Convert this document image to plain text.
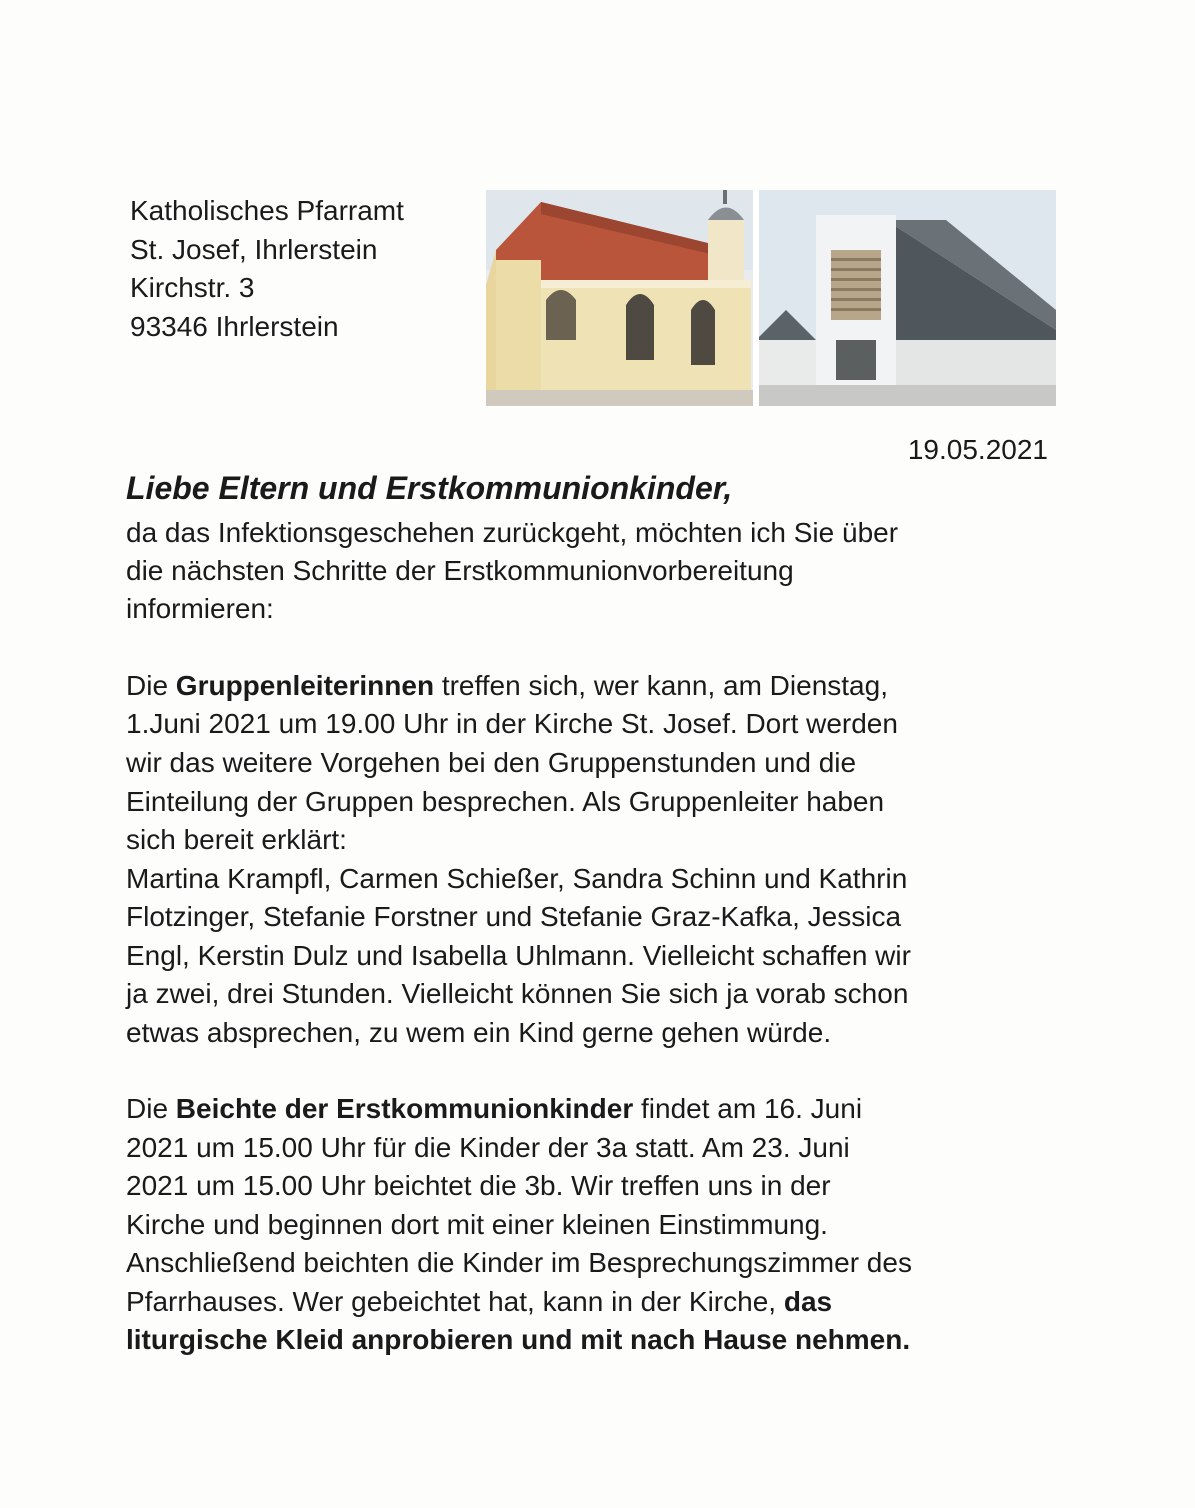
Katholisches Pfarramt
St. Josef, Ihrlerstein
Kirchstr. 3
93346 Ihrlerstein
19.05.2021
Liebe Eltern und Erstkommunionkinder,
da das Infektionsgeschehen zurückgeht, möchten ich Sie über
die nächsten Schritte der Erstkommunionvorbereitung
informieren:
Die Gruppenleiterinnen treffen sich, wer kann, am Dienstag,
1.Juni 2021 um 19.00 Uhr in der Kirche St. Josef. Dort werden
wir das weitere Vorgehen bei den Gruppenstunden und die
Einteilung der Gruppen besprechen. Als Gruppenleiter haben
sich bereit erklärt:
Martina Krampfl, Carmen Schießer, Sandra Schinn und Kathrin
Flotzinger, Stefanie Forstner und Stefanie Graz-Kafka, Jessica
Engl, Kerstin Dulz und Isabella Uhlmann. Vielleicht schaffen wir
ja zwei, drei Stunden. Vielleicht können Sie sich ja vorab schon
etwas absprechen, zu wem ein Kind gerne gehen würde.
Die Beichte der Erstkommunionkinder findet am 16. Juni
2021 um 15.00 Uhr für die Kinder der 3a statt. Am 23. Juni
2021 um 15.00 Uhr beichtet die 3b. Wir treffen uns in der
Kirche und beginnen dort mit einer kleinen Einstimmung.
Anschließend beichten die Kinder im Besprechungszimmer des
Pfarrhauses. Wer gebeichtet hat, kann in der Kirche, das
liturgische Kleid anprobieren und mit nach Hause nehmen.
